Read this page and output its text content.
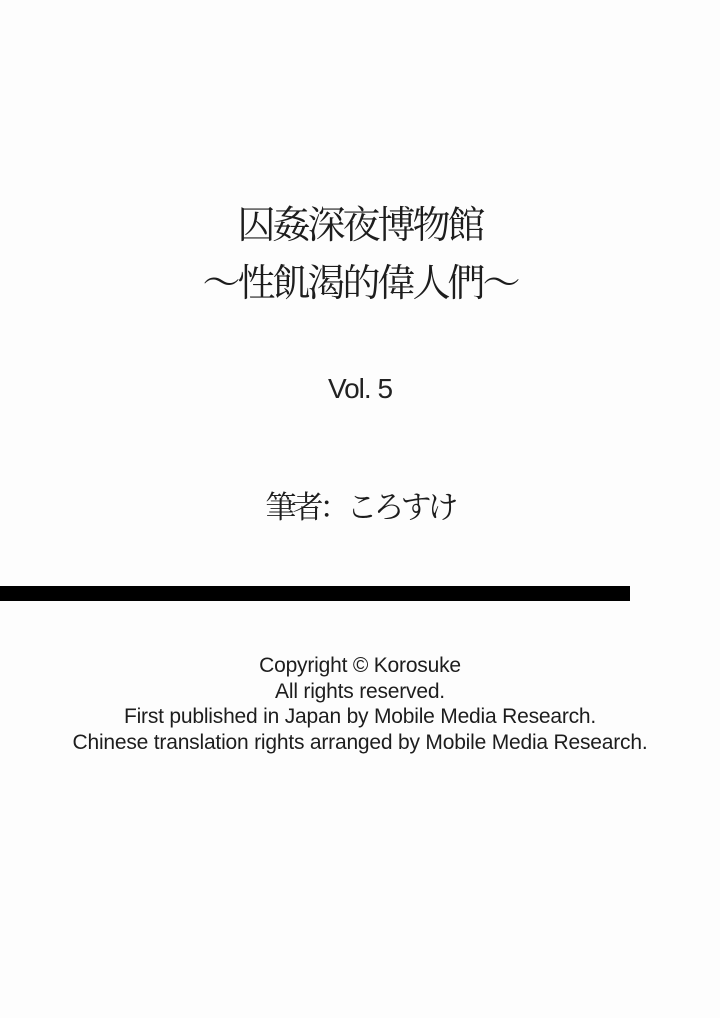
囚姦深夜博物館
～性飢渴的偉人們～
Vol. 5
筆者：ころすけ
Copyright © Korosuke
All rights reserved.
First published in Japan by Mobile Media Research.
Chinese translation rights arranged by Mobile Media Research.
